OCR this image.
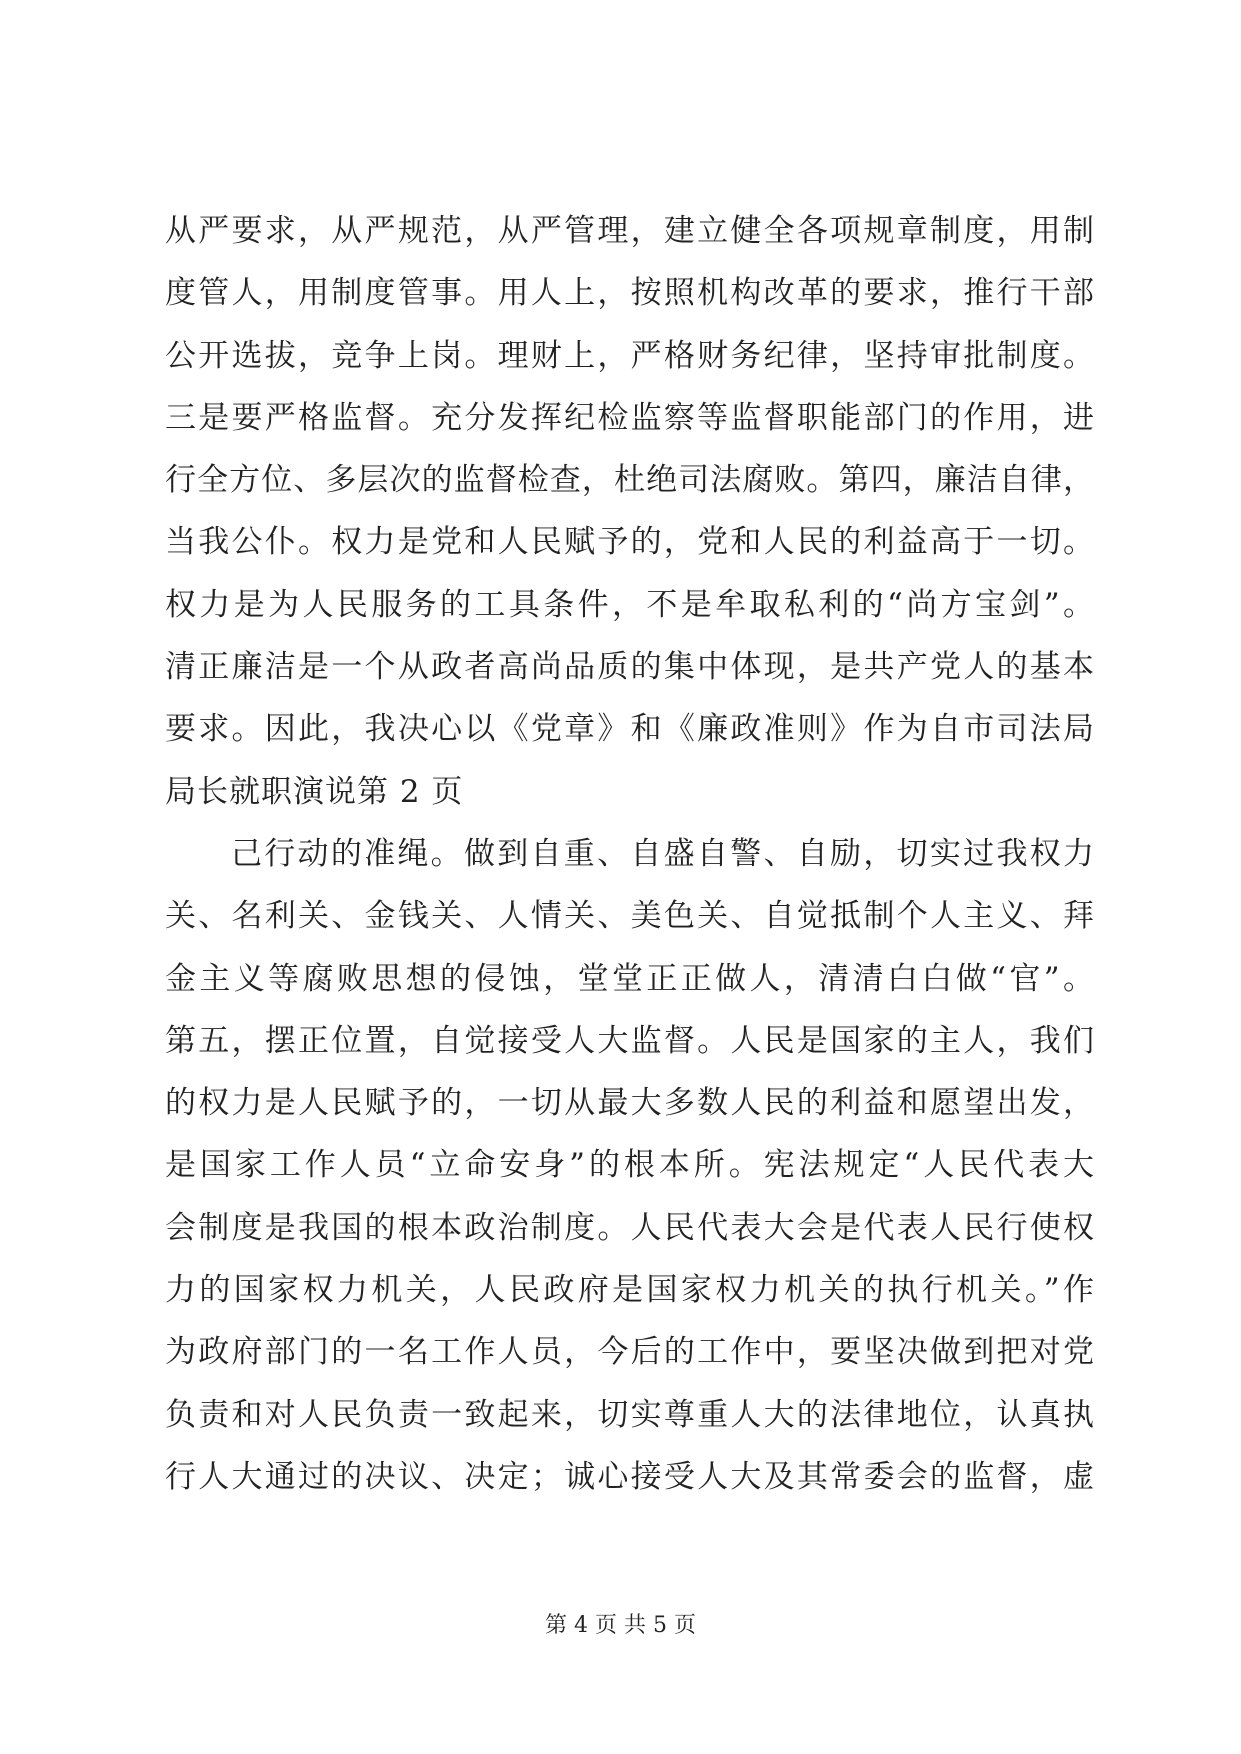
从严要求，从严规范，从严管理，建立健全各项规章制度，用制
度管人，用制度管事。用人上，按照机构改革的要求，推行干部
公开选拔，竞争上岗。理财上，严格财务纪律，坚持审批制度。
三是要严格监督。充分发挥纪检监察等监督职能部门的作用，进
行全方位、多层次的监督检查，杜绝司法腐败。第四，廉洁自律，
当我公仆。权力是党和人民赋予的，党和人民的利益高于一切。
权力是为人民服务的工具条件，不是牟取私利的“尚方宝剑”。
清正廉洁是一个从政者高尚品质的集中体现，是共产党人的基本
要求。因此，我决心以《党章》和《廉政准则》作为自市司法局
局长就职演说第 2 页
己行动的准绳。做到自重、自盛自警、自励，切实过我权力
关、名利关、金钱关、人情关、美色关、自觉抵制个人主义、拜
金主义等腐败思想的侵蚀，堂堂正正做人，清清白白做“官”。
第五，摆正位置，自觉接受人大监督。人民是国家的主人，我们
的权力是人民赋予的，一切从最大多数人民的利益和愿望出发，
是国家工作人员“立命安身”的根本所。宪法规定“人民代表大
会制度是我国的根本政治制度。人民代表大会是代表人民行使权
力的国家权力机关，人民政府是国家权力机关的执行机关。”作
为政府部门的一名工作人员，今后的工作中，要坚决做到把对党
负责和对人民负责一致起来，切实尊重人大的法律地位，认真执
行人大通过的决议、决定；诚心接受人大及其常委会的监督，虚
第 4 页 共 5 页
